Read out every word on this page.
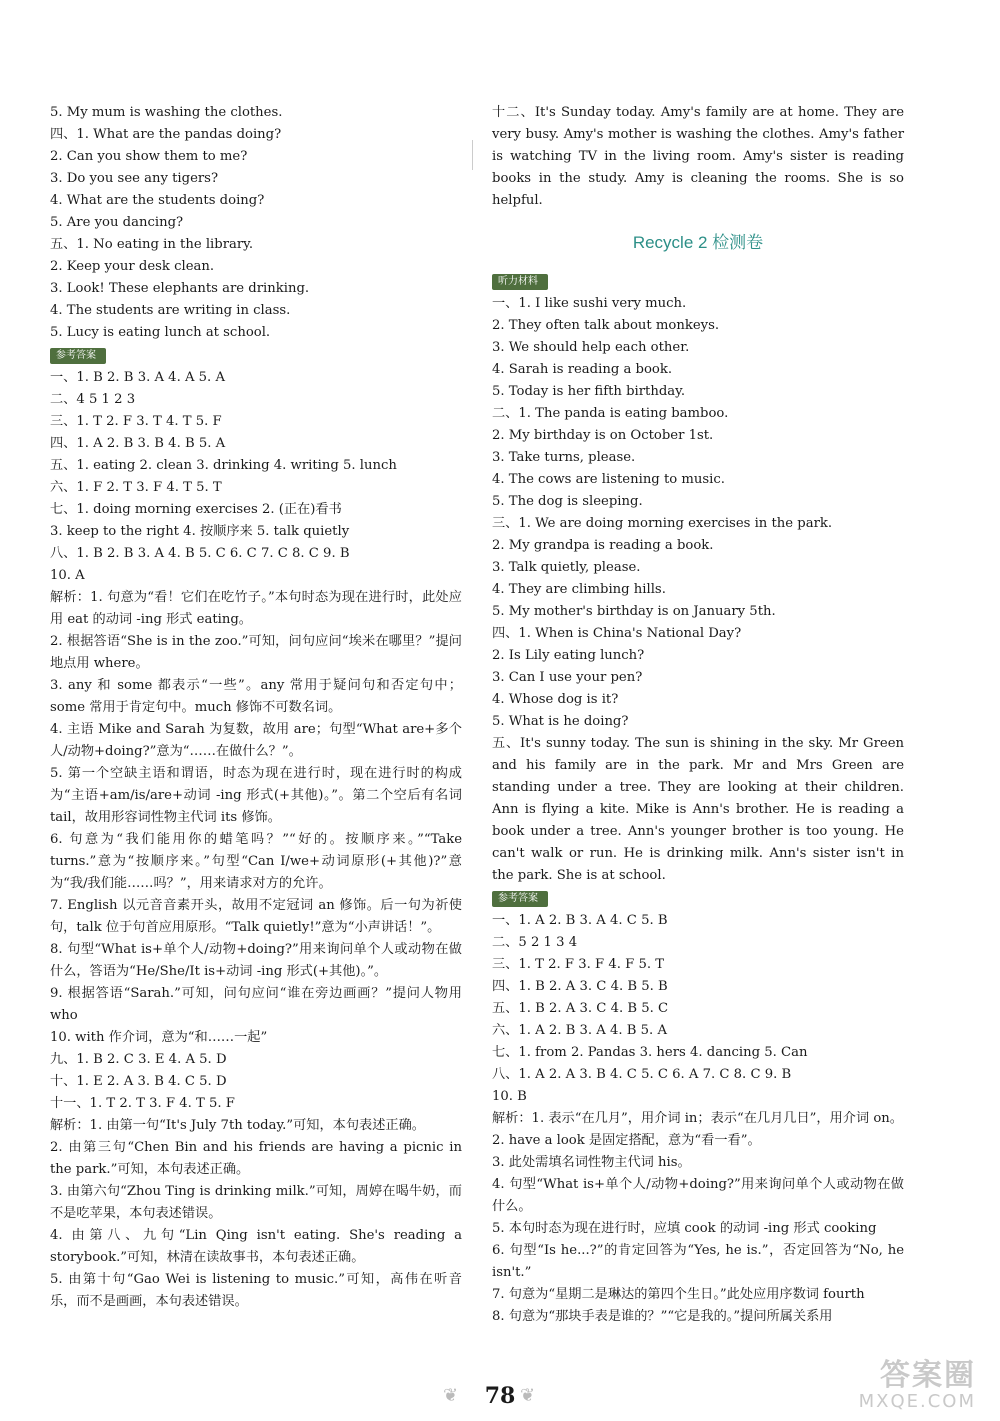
5. My mum is washing the clothes.
四、1. What are the pandas doing?
2. Can you show them to me?
3. Do you see any tigers?
4. What are the students doing?
5. Are you dancing?
五、1. No eating in the library.
2. Keep your desk clean.
3. Look! These elephants are drinking.
4. The students are writing in class.
5. Lucy is eating lunch at school.
参考答案
一、1. B 2. B 3. A 4. A 5. A
二、4 5 1 2 3
三、1. T 2. F 3. T 4. T 5. F
四、1. A 2. B 3. B 4. B 5. A
五、1. eating 2. clean 3. drinking 4. writing 5. lunch
六、1. F 2. T 3. F 4. T 5. T
七、1. doing morning exercises 2. (正在)看书
3. keep to the right 4. 按顺序来 5. talk quietly
八、1. B 2. B 3. A 4. B 5. C 6. C 7. C 8. C 9. B
10. A
解析：1. 句意为“看！它们在吃竹子。”本句时态为现在进行时，此处应用 eat 的动词 -ing 形式 eating。
2. 根据答语“She is in the zoo.”可知，问句应问“埃米在哪里？”提问地点用 where。
3. any 和 some 都表示“一些”。any 常用于疑问句和否定句中；some 常用于肯定句中。much 修饰不可数名词。
4. 主语 Mike and Sarah 为复数，故用 are；句型“What are+多个人/动物+doing?”意为“……在做什么？”。
5. 第一个空缺主语和谓语，时态为现在进行时，现在进行时的构成为“主语+am/is/are+动词 -ing 形式(+其他)。”。第二个空后有名词 tail，故用形容词性物主代词 its 修饰。
6. 句意为“我们能用你的蜡笔吗？”“好的。按顺序来。”“Take turns.”意为“按顺序来。”句型“Can I/we+动词原形(+其他)?”意为“我/我们能……吗？”，用来请求对方的允许。
7. English 以元音音素开头，故用不定冠词 an 修饰。后一句为祈使句，talk 位于句首应用原形。“Talk quietly!”意为“小声讲话！”。
8. 句型“What is+单个人/动物+doing?”用来询问单个人或动物在做什么，答语为“He/She/It is+动词 -ing 形式(+其他)。”。
9. 根据答语“Sarah.”可知，问句应问“谁在旁边画画？”提问人物用 who
10. with 作介词，意为“和……一起”
九、1. B 2. C 3. E 4. A 5. D
十、1. E 2. A 3. B 4. C 5. D
十一、1. T 2. T 3. F 4. T 5. F
解析：1. 由第一句“It's July 7th today.”可知，本句表述正确。
2. 由第三句“Chen Bin and his friends are having a picnic in the park.”可知，本句表述正确。
3. 由第六句“Zhou Ting is drinking milk.”可知，周婷在喝牛奶，而不是吃苹果，本句表述错误。
4. 由第八、九句“Lin Qing isn't eating. She's reading a storybook.”可知，林清在读故事书，本句表述正确。
5. 由第十句“Gao Wei is listening to music.”可知，高伟在听音乐，而不是画画，本句表述错误。
十二、It's Sunday today. Amy's family are at home. They are very busy. Amy's mother is washing the clothes. Amy's father is watching TV in the living room. Amy's sister is reading books in the study. Amy is cleaning the rooms. She is so helpful.
Recycle 2 检测卷
听力材料
一、1. I like sushi very much.
2. They often talk about monkeys.
3. We should help each other.
4. Sarah is reading a book.
5. Today is her fifth birthday.
二、1. The panda is eating bamboo.
2. My birthday is on October 1st.
3. Take turns, please.
4. The cows are listening to music.
5. The dog is sleeping.
三、1. We are doing morning exercises in the park.
2. My grandpa is reading a book.
3. Talk quietly, please.
4. They are climbing hills.
5. My mother's birthday is on January 5th.
四、1. When is China's National Day?
2. Is Lily eating lunch?
3. Can I use your pen?
4. Whose dog is it?
5. What is he doing?
五、It's sunny today. The sun is shining in the sky. Mr Green and his family are in the park. Mr and Mrs Green are standing under a tree. They are looking at their children. Ann is flying a kite. Mike is Ann's brother. He is reading a book under a tree. Ann's younger brother is too young. He can't walk or run. He is drinking milk. Ann's sister isn't in the park. She is at school.
参考答案
一、1. A 2. B 3. A 4. C 5. B
二、5 2 1 3 4
三、1. T 2. F 3. F 4. F 5. T
四、1. B 2. A 3. C 4. B 5. B
五、1. B 2. A 3. C 4. B 5. C
六、1. A 2. B 3. A 4. B 5. A
七、1. from 2. Pandas 3. hers 4. dancing 5. Can
八、1. A 2. A 3. B 4. C 5. C 6. A 7. C 8. C 9. B
10. B
解析：1. 表示“在几月”，用介词 in；表示“在几月几日”，用介词 on。
2. have a look 是固定搭配，意为“看一看”。
3. 此处需填名词性物主代词 his。
4. 句型“What is+单个人/动物+doing?”用来询问单个人或动物在做什么。
5. 本句时态为现在进行时，应填 cook 的动词 -ing 形式 cooking
6. 句型“Is he...?”的肯定回答为“Yes, he is.”，否定回答为“No, he isn't.”
7. 句意为“星期二是琳达的第四个生日。”此处应用序数词 fourth
8. 句意为“那块手表是谁的？”“它是我的。”提问所属关系用
❦	78 ❦
答案圈
MXQE.COM
